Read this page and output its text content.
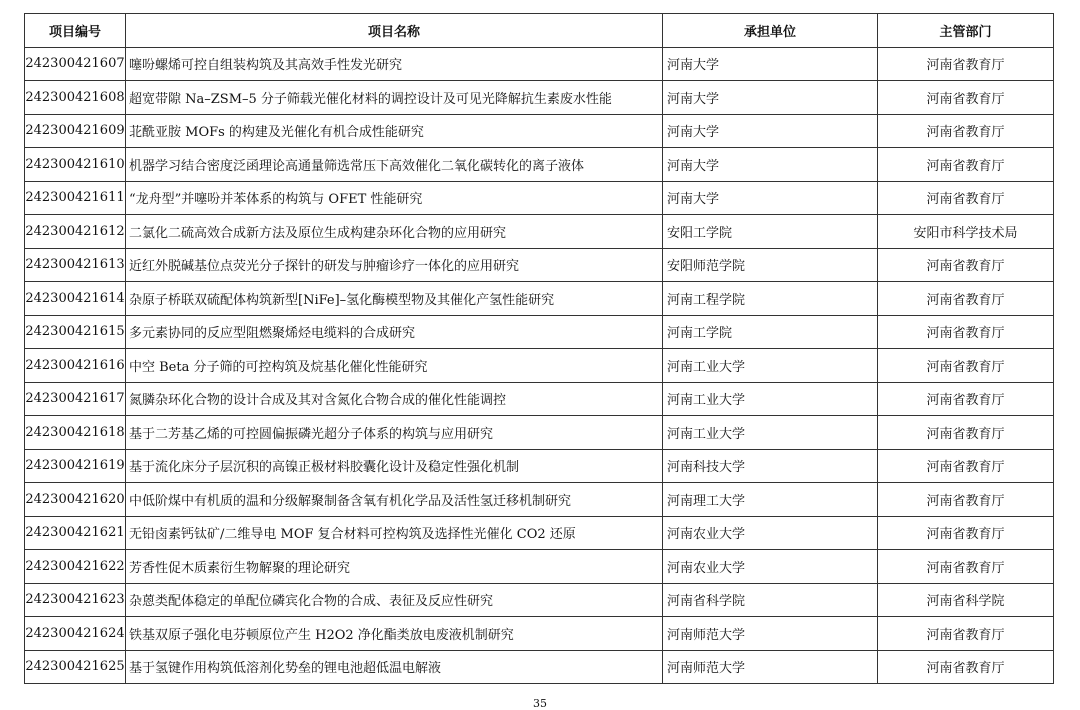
项目编号	项目名称	承担单位	主管部门
242300421607	噻吩螺烯可控自组装构筑及其高效手性发光研究	河南大学	河南省教育厅
242300421608	超宽带隙 Na–ZSM–5 分子筛载光催化材料的调控设计及可见光降解抗生素废水性能	河南大学	河南省教育厅
242300421609	苝酰亚胺 MOFs 的构建及光催化有机合成性能研究	河南大学	河南省教育厅
242300421610	机器学习结合密度泛函理论高通量筛选常压下高效催化二氧化碳转化的离子液体	河南大学	河南省教育厅
242300421611	“龙舟型”并噻吩并苯体系的构筑与 OFET 性能研究	河南大学	河南省教育厅
242300421612	二氯化二硫高效合成新方法及原位生成构建杂环化合物的应用研究	安阳工学院	安阳市科学技术局
242300421613	近红外脱碱基位点荧光分子探针的研发与肿瘤诊疗一体化的应用研究	安阳师范学院	河南省教育厅
242300421614	杂原子桥联双硫配体构筑新型[NiFe]–氢化酶模型物及其催化产氢性能研究	河南工程学院	河南省教育厅
242300421615	多元素协同的反应型阻燃聚烯烃电缆料的合成研究	河南工学院	河南省教育厅
242300421616	中空 Beta 分子筛的可控构筑及烷基化催化性能研究	河南工业大学	河南省教育厅
242300421617	氮膦杂环化合物的设计合成及其对含氮化合物合成的催化性能调控	河南工业大学	河南省教育厅
242300421618	基于二芳基乙烯的可控圆偏振磷光超分子体系的构筑与应用研究	河南工业大学	河南省教育厅
242300421619	基于流化床分子层沉积的高镍正极材料胶囊化设计及稳定性强化机制	河南科技大学	河南省教育厅
242300421620	中低阶煤中有机质的温和分级解聚制备含氧有机化学品及活性氢迁移机制研究	河南理工大学	河南省教育厅
242300421621	无铅卤素钙钛矿/二维导电 MOF 复合材料可控构筑及选择性光催化 CO2 还原	河南农业大学	河南省教育厅
242300421622	芳香性促木质素衍生物解聚的理论研究	河南农业大学	河南省教育厅
242300421623	杂蒽类配体稳定的单配位磷宾化合物的合成、表征及反应性研究	河南省科学院	河南省科学院
242300421624	铁基双原子强化电芬顿原位产生 H2O2 净化酯类放电废液机制研究	河南师范大学	河南省教育厅
242300421625	基于氢键作用构筑低溶剂化势垒的锂电池超低温电解液	河南师范大学	河南省教育厅
35
